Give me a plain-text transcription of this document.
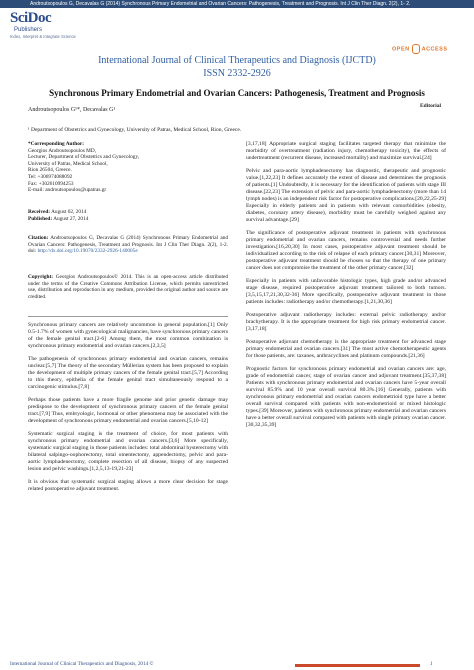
Androutsopoulos G, Decavalas G (2014) Synchronous Primary Endometrial and Ovarian Cancers: Pathogenesis, Treatment and Prognosis. Int J Clin Ther Diagn. 2(2), 1- 2.
SciDoc
Publishers
Index, Interpret & Integrate Science
OPEN ACCESS
International Journal of Clinical Therapeutics and Diagnosis (IJCTD)
ISSN 2332-2926
Synchronous Primary Endometrial and Ovarian Cancers: Pathogenesis, Treatment and Prognosis
Editorial
Androutsopoulos G¹*, Decavalas G¹
¹ Department of Obstetrics and Gynecology, University of Patras, Medical School, Rion, Greece.
*Corresponding Author:
Georgios Androutsopoulos MD,
Lecturer, Department of Obstetrics and Gynecology,
University of Patras, Medical School,
Rion 26504, Greece.
Tel: +306974088092
Fax: +302610994253
E-mail: androutsopoulos@upatras.gr
Received: August 02, 2014
Published: August 27, 2014
Citation: Androutsopoulos G, Decavalas G (2014) Synchronous Primary Endometrial and Ovarian Cancers: Pathogenesis, Treatment and Prognosis. Int J Clin Ther Diagn. 2(2), 1-2. doi: http://dx.doi.org/10.19070/2332-2926-140005e
Copyright: Georgios Androutsopoulos© 2014. This is an open-access article distributed under the terms of the Creative Commons Attribution License, which permits unrestricted use, distribution and reproduction in any medium, provided the original author and source are credited.

Synchronous primary cancers are relatively uncommon in general population.[1] Only 0.5-1.7% of women with gynecological malignancies, have synchronous primary cancers of the female genital tract.[2-6] Among them, the most common combination is synchronous primary endometrial and ovarian cancers.[2,3,5]

The pathogenesis of synchronous primary endometrial and ovarian cancers, remains unclear.[5,7] The theory of the secondary Müllerian system has been proposed to explain the development of multiple primary cancers of the female genital tract.[5,7] According to this theory, epithelia of the female genital tract simultaneously respond to a carcinogenic stimulus.[7,8]

Perhaps those patients have a more fragile genome and prior genetic damage may predispose to the development of synchronous primary cancers of the female genital tract.[7,9] Thus, embryologic, hormonal or other phenomena may be associated with the development of synchronous primary endometrial and ovarian cancers.[5,10-12]

Systematic surgical staging is the treatment of choice, for most patients with synchronous primary endometrial and ovarian cancers.[3,6] More specifically, systematic surgical staging in those patients includes: total abdominal hysterectomy with bilateral salpingo-oophorectomy, total omentectomy, appendectomy, pelvic and para-aortic lymphadenectomy, complete resection of all disease, biopsy of any suspected lesion and pelvic washings.[1,2,5,13-19,21-23]

It is obvious that systematic surgical staging allows a more clear decision for stage related postoperative adjuvant treatment.

[3,17,18] Appropriate surgical staging facilitates targeted therapy that minimize the morbidity of overtreatment (radiation injury, chemotherapy toxicity), the effects of undertreatment (recurrent disease, increased mortality) and maximize survival.[24]

Pelvic and para-aortic lymphadenectomy has diagnostic, therapeutic and prognostic value.[1,22,23] It defines accurately the extent of disease and determines the prognosis of patients.[1] Undoubtedly, it is necessary for the identification of patients with stage III disease.[22,23] The extension of pelvic and para-aortic lymphadenectomy (more than 14 lymph nodes) is an independent risk factor for postoperative complications.[20,22,25-29] Especially in elderly patients and in patients with relevant comorbidities (obesity, diabetes, coronary artery disease), morbidity must be carefully weighed against any survival advantage.[29]

The significance of postoperative adjuvant treatment in patients with synchronous primary endometrial and ovarian cancers, remains controversial and needs further investigation.[16,20,30] In most cases, postoperative adjuvant treatment should be individualized according to the risk of relapse of each primary cancer.[30,31] Moreover, postoperative adjuvant treatment should be chosen so that the therapy of one primary cancer does not compromise the treatment of the other primary cancer.[32]

Especially in patients with unfavorable histologic types, high grade and/or advanced stage disease, required postoperative adjuvant treatment tailored to both tumors.[3,5,15,17,21,30,32-36] More specifically, postoperative adjuvant treatment in those patients includes: radiotherapy and/or chemotherapy.[1,21,30,36]

Postoperative adjuvant radiotherapy includes: external pelvic radiotherapy and/or brachytherapy. It is the appropriate treatment for high risk primary endometrial cancer.[3,17,18]

Postoperative adjuvant chemotherapy is the appropriate treatment for advanced stage primary endometrial and ovarian cancers.[31] The most active chemotherapeutic agents for those patients, are: taxanes, anthracyclines and platinum compounds.[21,36]

Prognostic factors for synchronous primary endometrial and ovarian cancers are: age, grade of endometrial cancer, stage of ovarian cancer and adjuvant treatment.[35,37,38] Patients with synchronous primary endometrial and ovarian cancers have 5-year overall survival 85.9% and 10 year overall survival 80.3%.[16] Generally, patients with synchronous primary endometrial and ovarian cancers endometrioid type have a better overall survival compared with patients with non-endometrioid or mixed histologic types.[39] Moreover, patients with synchronous primary endometrial and ovarian cancers have a better overall survival compared with patients with single primary ovarian cancer.[30,32,35,39]

International Journal of Clinical Therapeutics and Diagnosis, 2014 ©	1
